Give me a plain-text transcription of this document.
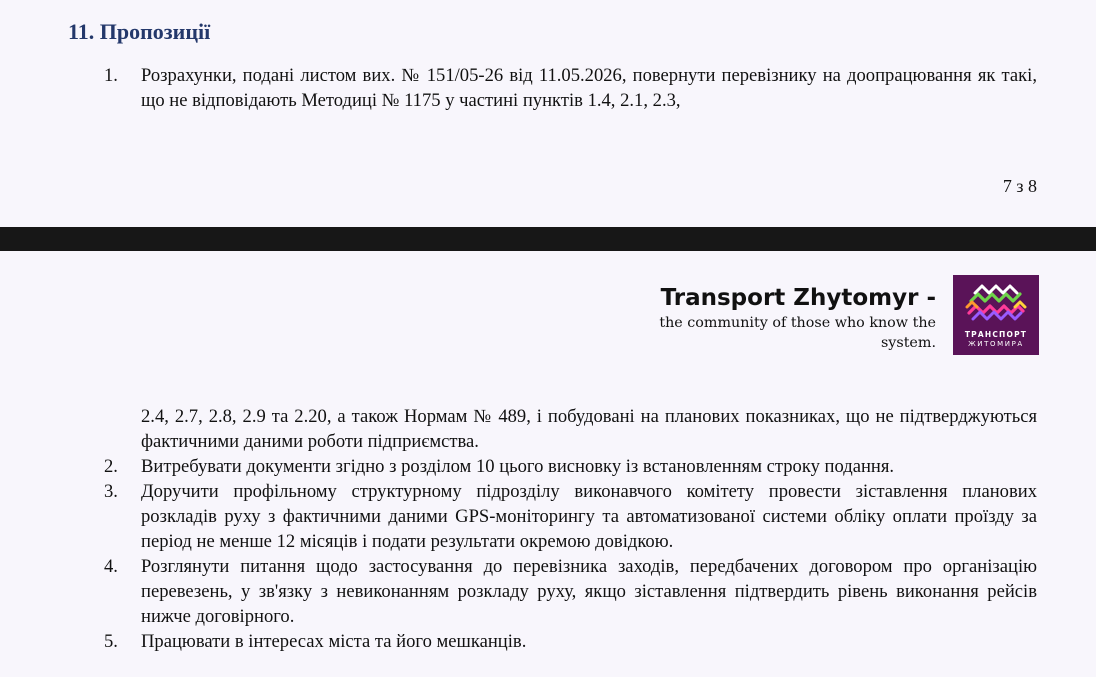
11. Пропозиції
1.	Розрахунки, подані листом вих. № 151/05-26 від 11.05.2026, повернути перевізнику на доопрацювання як такі, що не відповідають Методиці № 1175 у частині пунктів 1.4, 2.1, 2.3,
7 з 8
Transport Zhytomyr -
the community of those who know the system.
ТРАНСПОРТ
ЖИТОМИРА
2.4, 2.7, 2.8, 2.9 та 2.20, а також Нормам № 489, і побудовані на планових показниках, що не підтверджуються фактичними даними роботи підприємства.
2.	Витребувати документи згідно з розділом 10 цього висновку із встановленням строку подання.
3.	Доручити профільному структурному підрозділу виконавчого комітету провести зіставлення планових розкладів руху з фактичними даними GPS-моніторингу та автоматизованої системи обліку оплати проїзду за період не менше 12 місяців і подати результати окремою довідкою.
4.	Розглянути питання щодо застосування до перевізника заходів, передбачених договором про організацію перевезень, у зв'язку з невиконанням розкладу руху, якщо зіставлення підтвердить рівень виконання рейсів нижче договірного.
5.	Працювати в інтересах міста та його мешканців.
